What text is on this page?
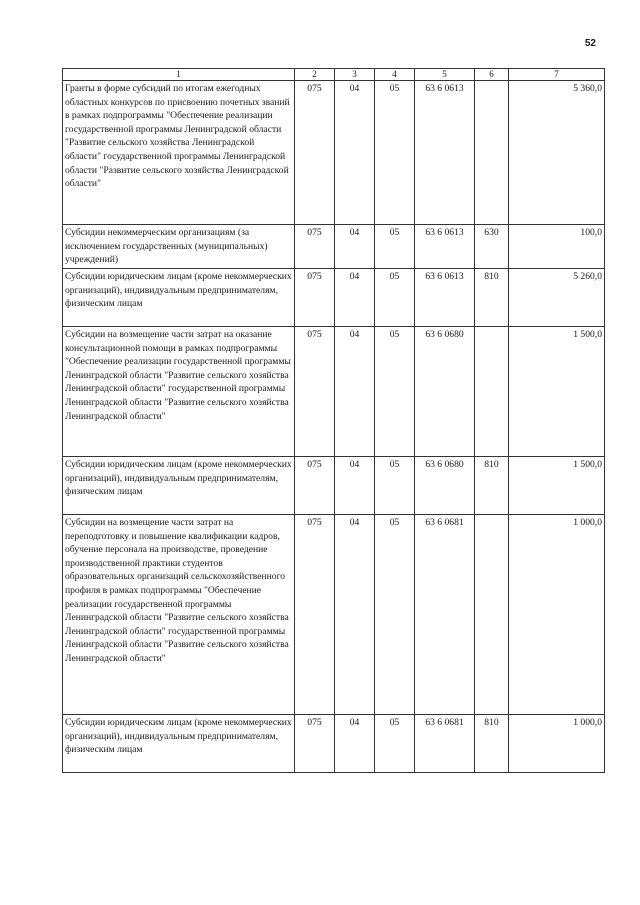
52
1	2	3	4	5	6	7
Гранты в форме субсидий по итогам ежегодных областных конкурсов по присвоению почетных званий в рамках подпрограммы "Обеспечение реализации государственной программы Ленинградской области "Развитие сельского хозяйства Ленинградской области" государственной программы Ленинградской области "Развитие сельского хозяйства Ленинградской области"	075	04	05	63 6 0613		5 360,0
Субсидии некоммерческим организациям (за исключением государственных (муниципальных) учреждений)	075	04	05	63 6 0613	630	100,0
Субсидии юридическим лицам (кроме некоммерческих организаций), индивидуальным предпринимателям, физическим лицам	075	04	05	63 6 0613	810	5 260,0
Субсидии на возмещение части затрат на оказание консультационной помощи в рамках подпрограммы "Обеспечение реализации государственной программы Ленинградской области "Развитие сельского хозяйства Ленинградской области" государственной программы Ленинградской области "Развитие сельского хозяйства Ленинградской области"	075	04	05	63 6 0680		1 500,0
Субсидии юридическим лицам (кроме некоммерческих организаций), индивидуальным предпринимателям, физическим лицам	075	04	05	63 6 0680	810	1 500,0
Субсидии на возмещение части затрат на переподготовку и повышение квалификации кадров, обучение персонала на производстве, проведение производственной практики студентов образовательных организаций сельскохозяйственного профиля в рамках подпрограммы "Обеспечение реализации государственной программы Ленинградской области "Развитие сельского хозяйства Ленинградской области" государственной программы Ленинградской области "Развитие сельского хозяйства Ленинградской области"	075	04	05	63 6 0681		1 000,0
Субсидии юридическим лицам (кроме некоммерческих организаций), индивидуальным предпринимателям, физическим лицам	075	04	05	63 6 0681	810	1 000,0
